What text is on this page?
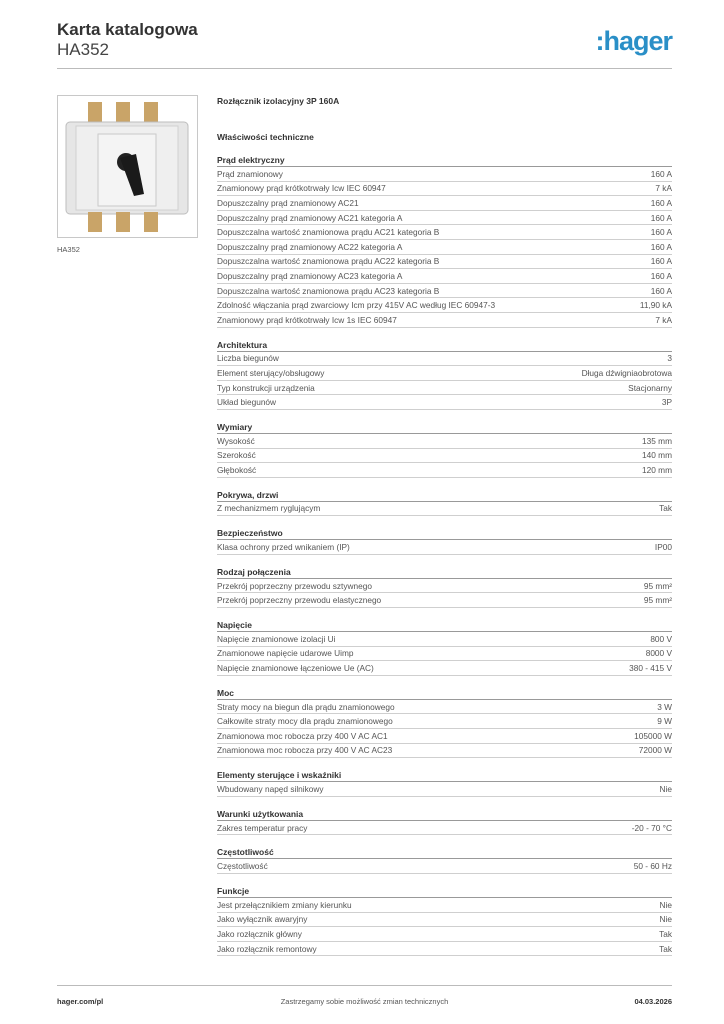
Karta katalogowa
HA352	:hager
HA352
Rozłącznik izolacyjny 3P 160A
Właściwości techniczne
Prąd elektryczny
Prąd znamionowy	160 A
Znamionowy prąd krótkotrwały Icw IEC 60947	7 kA
Dopuszczalny prąd znamionowy AC21	160 A
Dopuszczalny prąd znamionowy AC21 kategoria A	160 A
Dopuszczalna wartość znamionowa prądu AC21 kategoria B	160 A
Dopuszczalny prąd znamionowy AC22 kategoria A	160 A
Dopuszczalna wartość znamionowa prądu AC22 kategoria B	160 A
Dopuszczalny prąd znamionowy AC23 kategoria A	160 A
Dopuszczalna wartość znamionowa prądu AC23 kategoria B	160 A
Zdolność włączania prąd zwarciowy Icm przy 415V AC według IEC 60947-3	11,90 kA
Znamionowy prąd krótkotrwały Icw 1s IEC 60947	7 kA
Architektura
Liczba biegunów	3
Element sterujący/obsługowy	Długa dźwigniaobrotowa
Typ konstrukcji urządzenia	Stacjonarny
Układ biegunów	3P
Wymiary
Wysokość	135 mm
Szerokość	140 mm
Głębokość	120 mm
Pokrywa, drzwi
Z mechanizmem ryglującym	Tak
Bezpieczeństwo
Klasa ochrony przed wnikaniem (IP)	IP00
Rodzaj połączenia
Przekrój poprzeczny przewodu sztywnego	95 mm²
Przekrój poprzeczny przewodu elastycznego	95 mm²
Napięcie
Napięcie znamionowe izolacji Ui	800 V
Znamionowe napięcie udarowe Uimp	8000 V
Napięcie znamionowe łączeniowe Ue (AC)	380 - 415 V
Moc
Straty mocy na biegun dla prądu znamionowego	3 W
Całkowite straty mocy dla prądu znamionowego	9 W
Znamionowa moc robocza przy 400 V AC AC1	105000 W
Znamionowa moc robocza przy 400 V AC AC23	72000 W
Elementy sterujące i wskaźniki
Wbudowany napęd silnikowy	Nie
Warunki użytkowania
Zakres temperatur pracy	-20 - 70 °C
Częstotliwość
Częstotliwość	50 - 60 Hz
Funkcje
Jest przełącznikiem zmiany kierunku	Nie
Jako wyłącznik awaryjny	Nie
Jako rozłącznik główny	Tak
Jako rozłącznik remontowy	Tak
hager.com/pl	Zastrzegamy sobie możliwość zmian technicznych	04.03.2026
